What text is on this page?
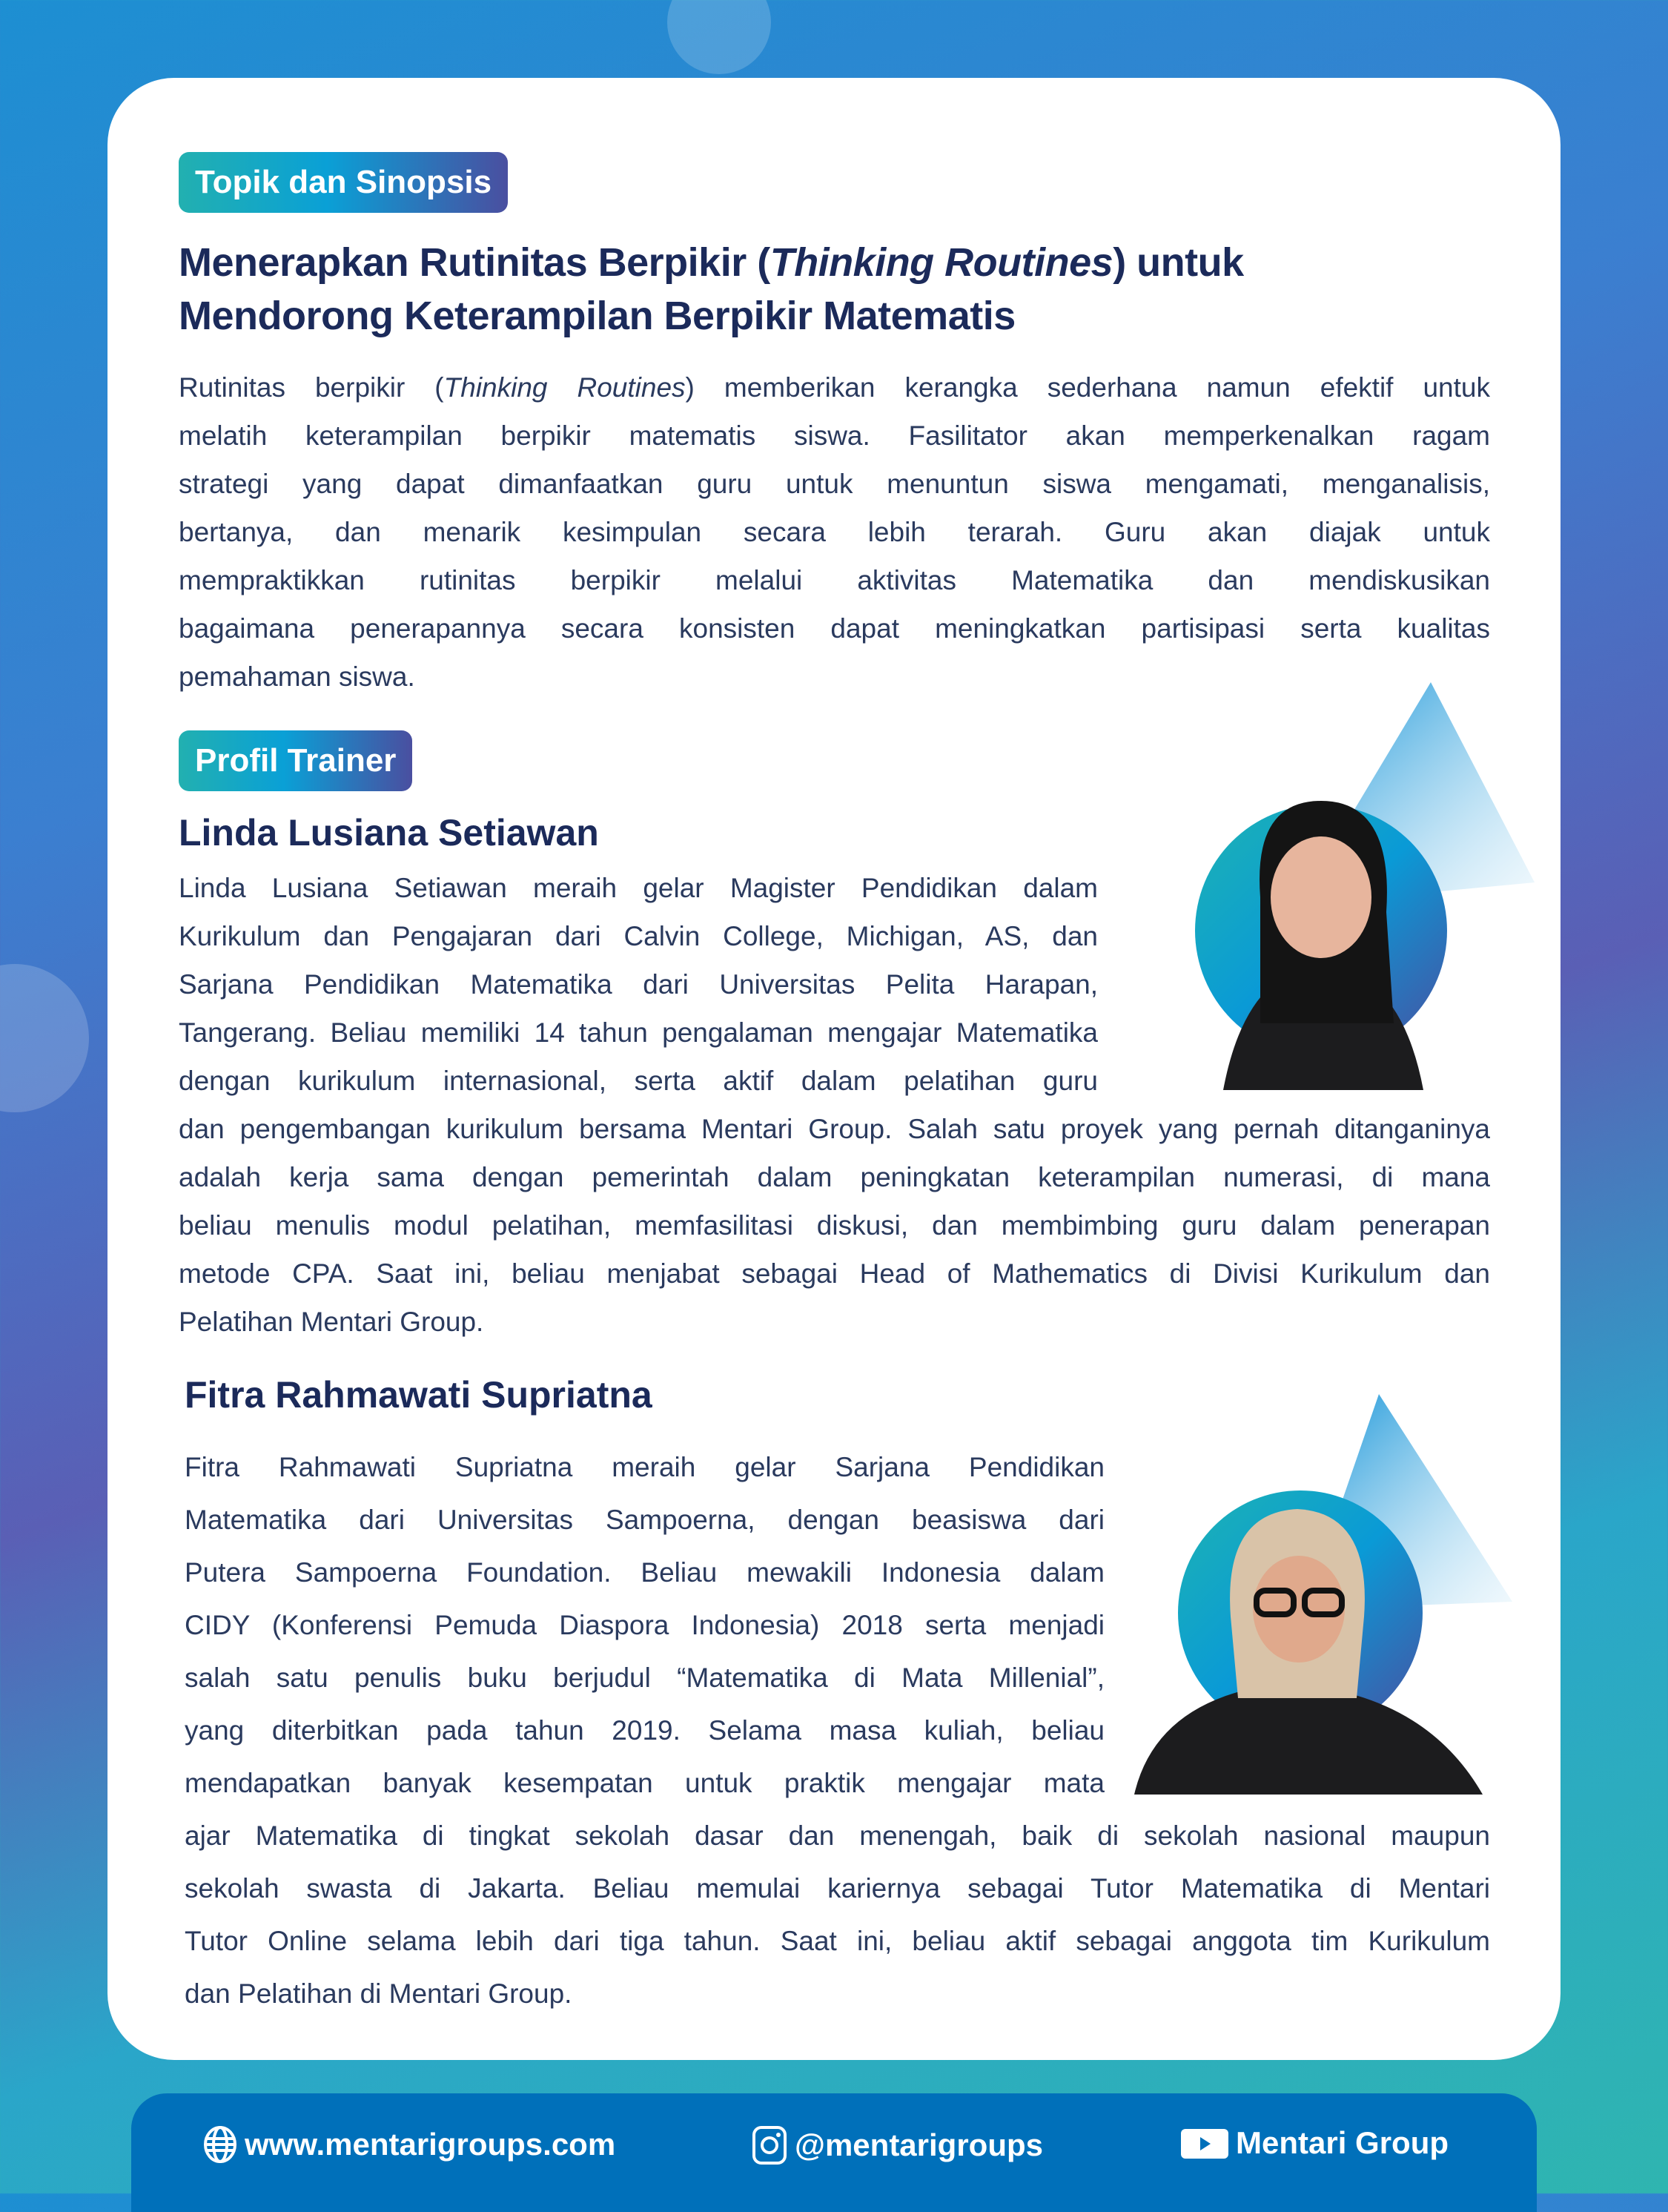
Topik dan Sinopsis
Menerapkan Rutinitas Berpikir (Thinking Routines) untuk
Mendorong Keterampilan Berpikir Matematis
Rutinitas berpikir (Thinking Routines) memberikan kerangka sederhana namun efektif untuk
melatih keterampilan berpikir matematis siswa. Fasilitator akan memperkenalkan ragam
strategi yang dapat dimanfaatkan guru untuk menuntun siswa mengamati, menganalisis,
bertanya, dan menarik kesimpulan secara lebih terarah. Guru akan diajak untuk
mempraktikkan rutinitas berpikir melalui aktivitas Matematika dan mendiskusikan
bagaimana penerapannya secara konsisten dapat meningkatkan partisipasi serta kualitas
pemahaman siswa.
Profil Trainer
Linda Lusiana Setiawan
Linda Lusiana Setiawan meraih gelar Magister Pendidikan dalam
Kurikulum dan Pengajaran dari Calvin College, Michigan, AS, dan
Sarjana Pendidikan Matematika dari Universitas Pelita Harapan,
Tangerang. Beliau memiliki 14 tahun pengalaman mengajar Matematika
dengan kurikulum internasional, serta aktif dalam pelatihan guru
dan pengembangan kurikulum bersama Mentari Group. Salah satu proyek yang pernah ditanganinya
adalah kerja sama dengan pemerintah dalam peningkatan keterampilan numerasi, di mana
beliau menulis modul pelatihan, memfasilitasi diskusi, dan membimbing guru dalam penerapan
metode CPA. Saat ini, beliau menjabat sebagai Head of Mathematics di Divisi Kurikulum dan
Pelatihan Mentari Group.
Fitra Rahmawati Supriatna
Fitra Rahmawati Supriatna meraih gelar Sarjana Pendidikan
Matematika dari Universitas Sampoerna, dengan beasiswa dari
Putera Sampoerna Foundation. Beliau mewakili Indonesia dalam
CIDY (Konferensi Pemuda Diaspora Indonesia) 2018 serta menjadi
salah satu penulis buku berjudul “Matematika di Mata Millenial”,
yang diterbitkan pada tahun 2019. Selama masa kuliah, beliau
mendapatkan banyak kesempatan untuk praktik mengajar mata
ajar Matematika di tingkat sekolah dasar dan menengah, baik di sekolah nasional maupun
sekolah swasta di Jakarta. Beliau memulai kariernya sebagai Tutor Matematika di Mentari
Tutor Online selama lebih dari tiga tahun. Saat ini, beliau aktif sebagai anggota tim Kurikulum
dan Pelatihan di Mentari Group.
www.mentarigroups.com	@mentarigroups	Mentari Group
